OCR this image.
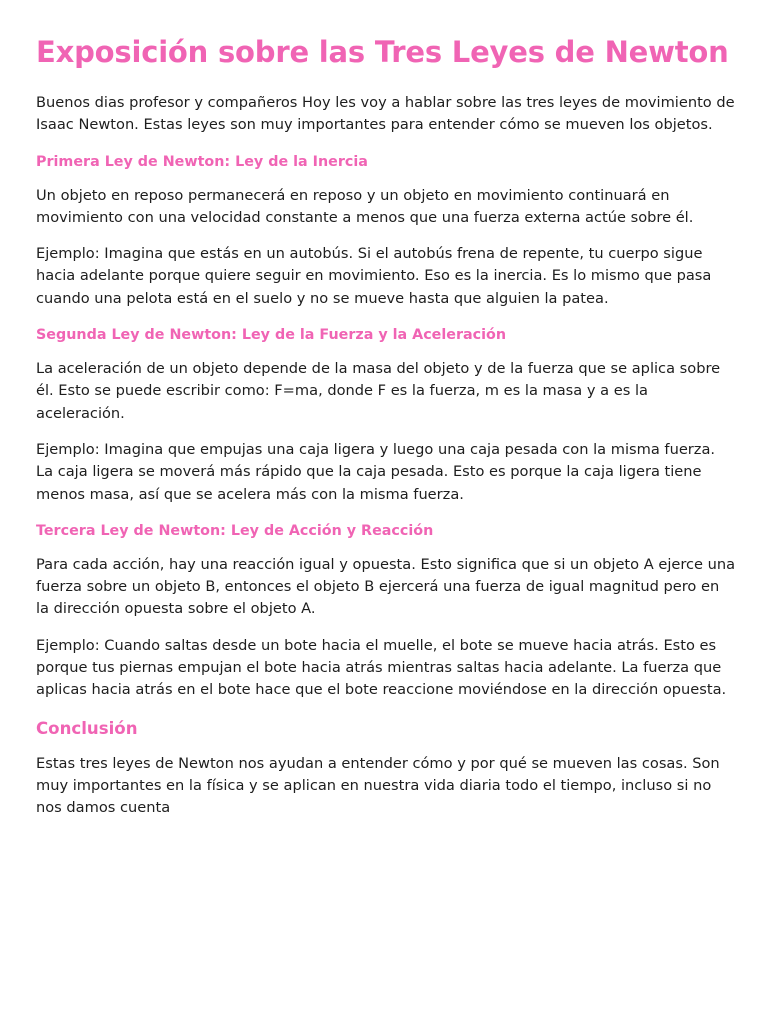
Exposición sobre las Tres Leyes de Newton

Buenos dias profesor y compañeros Hoy les voy a hablar sobre las tres leyes de movimiento de Isaac Newton. Estas leyes son muy importantes para entender cómo se mueven los objetos.

Primera Ley de Newton: Ley de la Inercia

Un objeto en reposo permanecerá en reposo y un objeto en movimiento continuará en movimiento con una velocidad constante a menos que una fuerza externa actúe sobre él.

Ejemplo: Imagina que estás en un autobús. Si el autobús frena de repente, tu cuerpo sigue hacia adelante porque quiere seguir en movimiento. Eso es la inercia. Es lo mismo que pasa cuando una pelota está en el suelo y no se mueve hasta que alguien la patea.

Segunda Ley de Newton: Ley de la Fuerza y la Aceleración

La aceleración de un objeto depende de la masa del objeto y de la fuerza que se aplica sobre él. Esto se puede escribir como: F=ma, donde F es la fuerza, m es la masa y a es la aceleración.

Ejemplo: Imagina que empujas una caja ligera y luego una caja pesada con la misma fuerza. La caja ligera se moverá más rápido que la caja pesada. Esto es porque la caja ligera tiene menos masa, así que se acelera más con la misma fuerza.

Tercera Ley de Newton: Ley de Acción y Reacción

Para cada acción, hay una reacción igual y opuesta. Esto significa que si un objeto A ejerce una fuerza sobre un objeto B, entonces el objeto B ejercerá una fuerza de igual magnitud pero en la dirección opuesta sobre el objeto A.

Ejemplo: Cuando saltas desde un bote hacia el muelle, el bote se mueve hacia atrás. Esto es porque tus piernas empujan el bote hacia atrás mientras saltas hacia adelante. La fuerza que aplicas hacia atrás en el bote hace que el bote reaccione moviéndose en la dirección opuesta.

Conclusión

Estas tres leyes de Newton nos ayudan a entender cómo y por qué se mueven las cosas. Son muy importantes en la física y se aplican en nuestra vida diaria todo el tiempo, incluso si no nos damos cuenta
